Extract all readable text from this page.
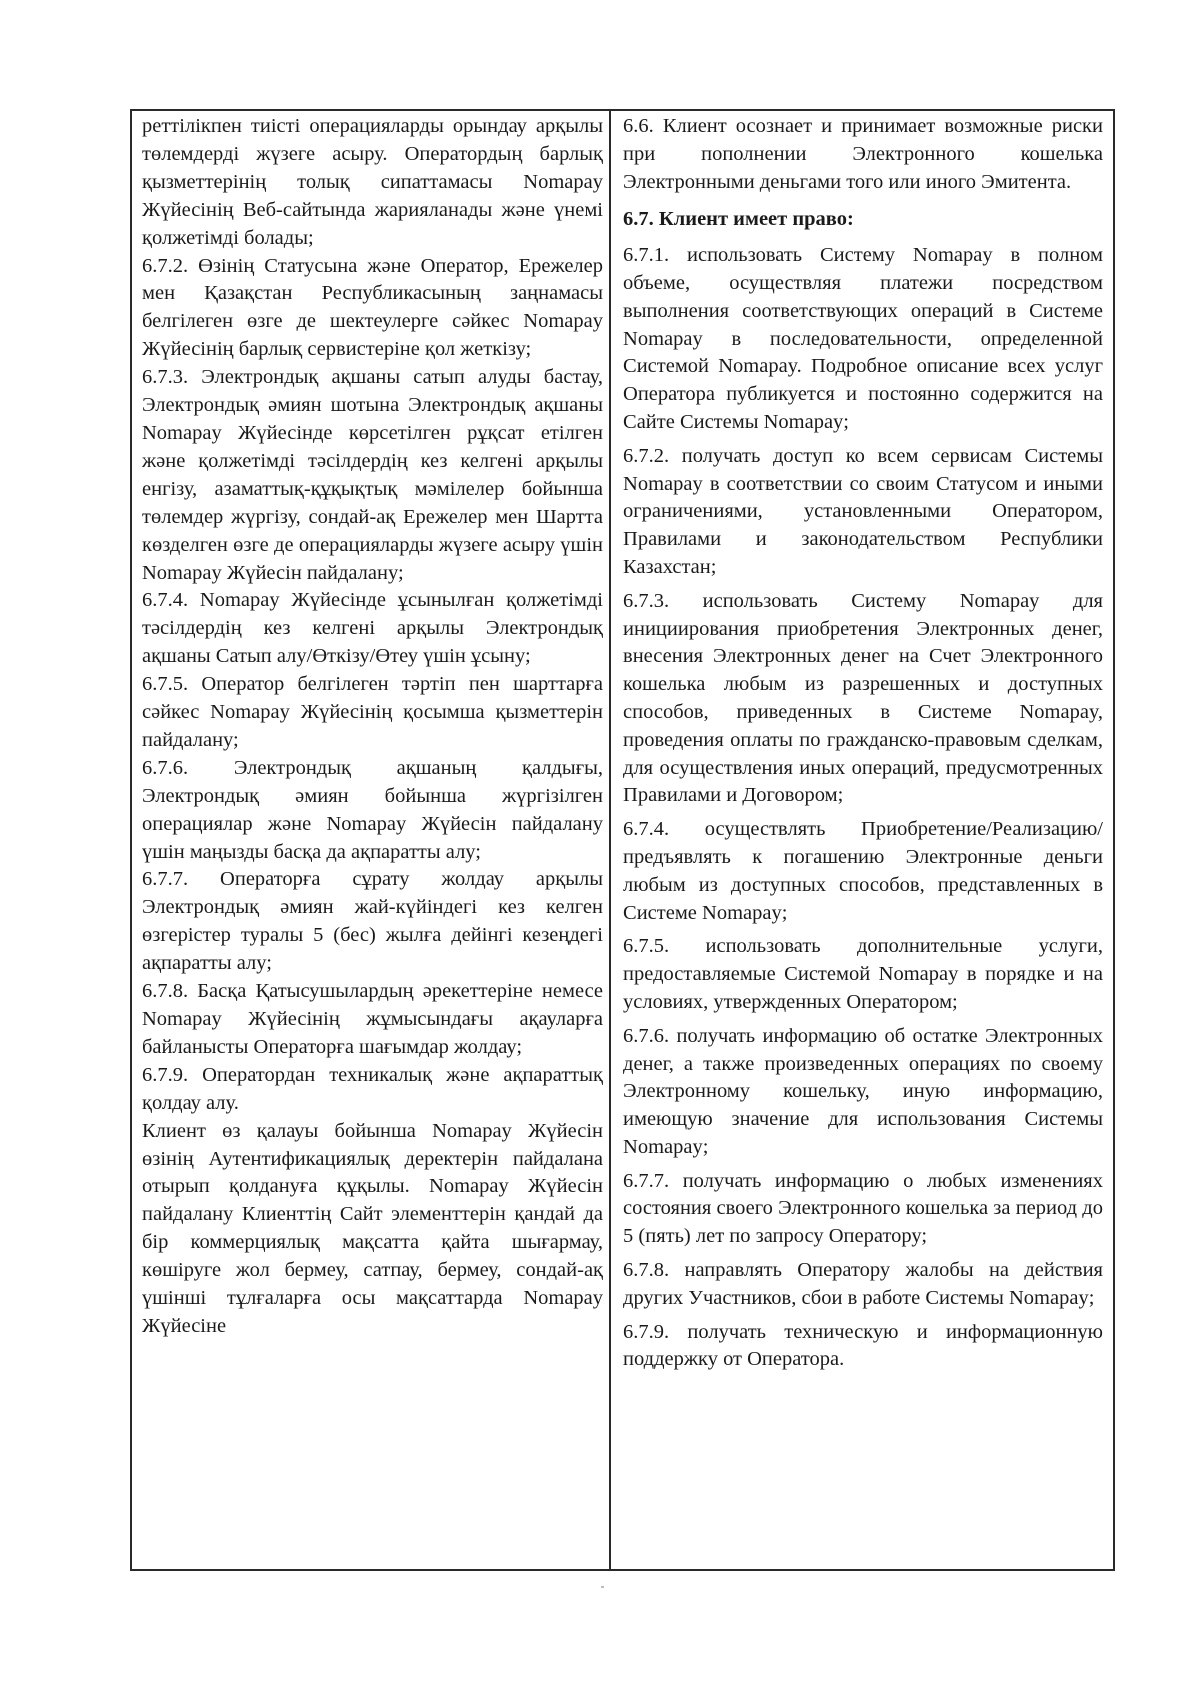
реттілікпен тиісті операцияларды орындау арқылы төлемдерді жүзеге асыру. Оператордың барлық қызметтерінің толық сипаттамасы Nomapay Жүйесінің Веб-сайтында жарияланады және үнемі қолжетімді болады;

6.7.2. Өзінің Статусына және Оператор, Ережелер мен Қазақстан Республикасының заңнамасы белгілеген өзге де шектеулерге сәйкес Nomapay Жүйесінің барлық сервистеріне қол жеткізу;

6.7.3. Электрондық ақшаны сатып алуды бастау, Электрондық әмиян шотына Электрондық ақшаны Nomapay Жүйесінде көрсетілген рұқсат етілген және қолжетімді тәсілдердің кез келгені арқылы енгізу, азаматтық-құқықтық мәмілелер бойынша төлемдер жүргізу, сондай-ақ Ережелер мен Шартта көзделген өзге де операцияларды жүзеге асыру үшін Nomapay Жүйесін пайдалану;

6.7.4. Nomapay Жүйесінде ұсынылған қолжетімді тәсілдердің кез келгені арқылы Электрондық ақшаны Сатып алу/Өткізу/Өтеу үшін ұсыну;

6.7.5. Оператор белгілеген тәртіп пен шарттарға сәйкес Nomapay Жүйесінің қосымша қызметтерін пайдалану;

6.7.6. Электрондық ақшаның қалдығы, Электрондық әмиян бойынша жүргізілген операциялар және Nomapay Жүйесін пайдалану үшін маңызды басқа да ақпаратты алу;

6.7.7. Операторға сұрату жолдау арқылы Электрондық әмиян жай-күйіндегі кез келген өзгерістер туралы 5 (бес) жылға дейінгі кезеңдегі ақпаратты алу;

6.7.8. Басқа Қатысушылардың әрекеттеріне немесе Nomapay Жүйесінің жұмысындағы ақауларға байланысты Операторға шағымдар жолдау;

6.7.9. Оператордан техникалық және ақпараттық қолдау алу.

Клиент өз қалауы бойынша Nomapay Жүйесін өзінің Аутентификациялық деректерін пайдалана отырып қолдануға құқылы. Nomapay Жүйесін пайдалану Клиенттің Сайт элементтерін қандай да бір коммерциялық мақсатта қайта шығармау, көшіруге жол бермеу, сатпау, бермеу, сондай-ақ үшінші тұлғаларға осы мақсаттарда Nomapay Жүйесіне

6.6. Клиент осознает и принимает возможные риски при пополнении Электронного кошелька Электронными деньгами того или иного Эмитента.

6.7. Клиент имеет право:

6.7.1. использовать Систему Nomapay в полном объеме, осуществляя платежи посредством выполнения соответствующих операций в Системе Nomapay в последовательности, определенной Системой Nomapay. Подробное описание всех услуг Оператора публикуется и постоянно содержится на Сайте Системы Nomapay;

6.7.2. получать доступ ко всем сервисам Системы Nomapay в соответствии со своим Статусом и иными ограничениями, установленными Оператором, Правилами и законодательством Республики Казахстан;

6.7.3. использовать Систему Nomapay для инициирования приобретения Электронных денег, внесения Электронных денег на Счет Электронного кошелька любым из разрешенных и доступных способов, приведенных в Системе Nomapay, проведения оплаты по гражданско-правовым сделкам, для осуществления иных операций, предусмотренных Правилами и Договором;

6.7.4. осуществлять Приобретение/Реализацию/предъявлять к погашению Электронные деньги любым из доступных способов, представленных в Системе Nomapay;

6.7.5. использовать дополнительные услуги, предоставляемые Системой Nomapay в порядке и на условиях, утвержденных Оператором;

6.7.6. получать информацию об остатке Электронных денег, а также произведенных операциях по своему Электронному кошельку, иную информацию, имеющую значение для использования Системы Nomapay;

6.7.7. получать информацию о любых изменениях состояния своего Электронного кошелька за период до 5 (пять) лет по запросу Оператору;

6.7.8. направлять Оператору жалобы на действия других Участников, сбои в работе Системы Nomapay;

6.7.9. получать техническую и информационную поддержку от Оператора.
